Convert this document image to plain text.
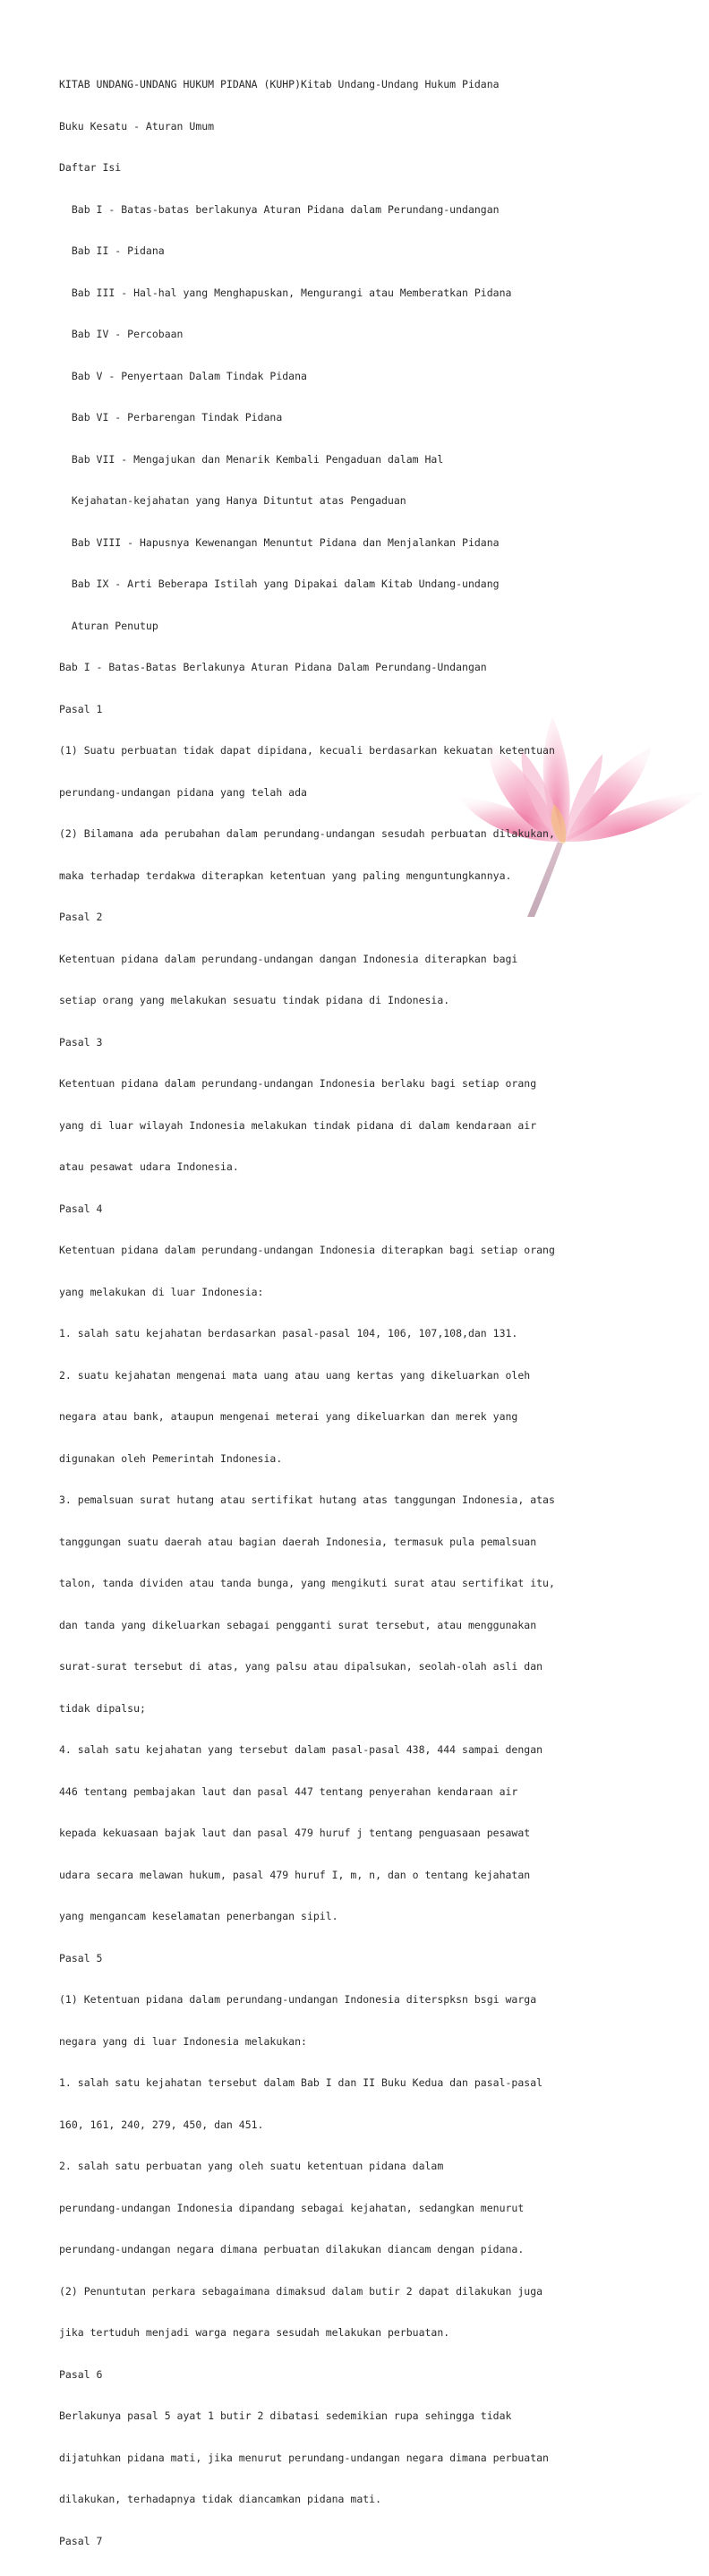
KITAB UNDANG-UNDANG HUKUM PIDANA (KUHP)Kitab Undang-Undang Hukum Pidana

Buku Kesatu - Aturan Umum

Daftar Isi

Bab I - Batas-batas berlakunya Aturan Pidana dalam Perundang-undangan

Bab II - Pidana

Bab III - Hal-hal yang Menghapuskan, Mengurangi atau Memberatkan Pidana

Bab IV - Percobaan

Bab V - Penyertaan Dalam Tindak Pidana

Bab VI - Perbarengan Tindak Pidana

Bab VII - Mengajukan dan Menarik Kembali Pengaduan dalam Hal

Kejahatan-kejahatan yang Hanya Dituntut atas Pengaduan

Bab VIII - Hapusnya Kewenangan Menuntut Pidana dan Menjalankan Pidana

Bab IX - Arti Beberapa Istilah yang Dipakai dalam Kitab Undang-undang

Aturan Penutup

Bab I - Batas-Batas Berlakunya Aturan Pidana Dalam Perundang-Undangan

Pasal 1

(1) Suatu perbuatan tidak dapat dipidana, kecuali berdasarkan kekuatan ketentuan

perundang-undangan pidana yang telah ada

(2) Bilamana ada perubahan dalam perundang-undangan sesudah perbuatan dilakukan,

maka terhadap terdakwa diterapkan ketentuan yang paling menguntungkannya.

Pasal 2

Ketentuan pidana dalam perundang-undangan dangan Indonesia diterapkan bagi

setiap orang yang melakukan sesuatu tindak pidana di Indonesia.

Pasal 3

Ketentuan pidana dalam perundang-undangan Indonesia berlaku bagi setiap orang

yang di luar wilayah Indonesia melakukan tindak pidana di dalam kendaraan air

atau pesawat udara Indonesia.

Pasal 4

Ketentuan pidana dalam perundang-undangan Indonesia diterapkan bagi setiap orang

yang melakukan di luar Indonesia:

1. salah satu kejahatan berdasarkan pasal-pasal 104, 106, 107,108,dan 131.

2. suatu kejahatan mengenai mata uang atau uang kertas yang dikeluarkan oleh

negara atau bank, ataupun mengenai meterai yang dikeluarkan dan merek yang

digunakan oleh Pemerintah Indonesia.

3. pemalsuan surat hutang atau sertifikat hutang atas tanggungan Indonesia, atas

tanggungan suatu daerah atau bagian daerah Indonesia, termasuk pula pemalsuan

talon, tanda dividen atau tanda bunga, yang mengikuti surat atau sertifikat itu,

dan tanda yang dikeluarkan sebagai pengganti surat tersebut, atau menggunakan

surat-surat tersebut di atas, yang palsu atau dipalsukan, seolah-olah asli dan

tidak dipalsu;

4. salah satu kejahatan yang tersebut dalam pasal-pasal 438, 444 sampai dengan

446 tentang pembajakan laut dan pasal 447 tentang penyerahan kendaraan air

kepada kekuasaan bajak laut dan pasal 479 huruf j tentang penguasaan pesawat

udara secara melawan hukum, pasal 479 huruf I, m, n, dan o tentang kejahatan

yang mengancam keselamatan penerbangan sipil.

Pasal 5

(1) Ketentuan pidana dalam perundang-undangan Indonesia diterspksn bsgi warga

negara yang di luar Indonesia melakukan:

1. salah satu kejahatan tersebut dalam Bab I dan II Buku Kedua dan pasal-pasal

160, 161, 240, 279, 450, dan 451.

2. salah satu perbuatan yang oleh suatu ketentuan pidana dalam

perundang-undangan Indonesia dipandang sebagai kejahatan, sedangkan menurut

perundang-undangan negara dimana perbuatan dilakukan diancam dengan pidana.

(2) Penuntutan perkara sebagaimana dimaksud dalam butir 2 dapat dilakukan juga

jika tertuduh menjadi warga negara sesudah melakukan perbuatan.

Pasal 6

Berlakunya pasal 5 ayat 1 butir 2 dibatasi sedemikian rupa sehingga tidak

dijatuhkan pidana mati, jika menurut perundang-undangan negara dimana perbuatan

dilakukan, terhadapnya tidak diancamkan pidana mati.

Pasal 7
